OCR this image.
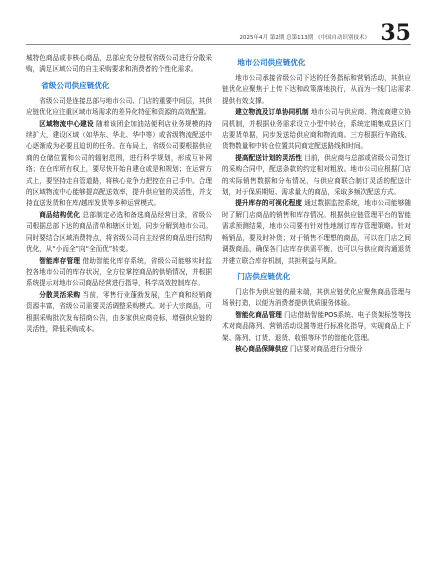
2025年4月 第2期 总第113期 《中国自动识别技术》 35

城特色商品或非核心商品，总部应充分授权省级公司进行分散采购，满足区域公司的自主采购要求和消费者的个性化需求。

省级公司供应链优化

省级公司是连接总部与地市公司、门店的重要中间层，其供应链优化应注重区域市场需求的差异化特征和资源的高效配置。

区域物流中心建设 随着该团企加油站便利店业务规模的持续扩大，建设区域（如华东、华北、华中等）或省级物流配送中心逐渐成为必要且迫切的任务。在布局上，省级公司要根据供应商的仓储位置和公司的辐射范围，进行科学规划，形成互补网络；在仓库所有权上，要尽快开始自建仓或是和规划；在运营方式上，要坚持走自管道路，将核心竞争力把控在自己手中。合理的区域物流中心能够提高配送效率，提升供应链的灵活性，并支持直送发货和在库/越库发货等多种运营模式。

商品结构优化 总部制定必选和备选商品经营目录，省级公司根据总部下达的商品清单和辖区计划，同步分解到地市公司。同时要结合区域消费特点，将省级公司自主经营的商品进行结构优化，从“小而全”向“全而优”转变。

智能库存管理 借助智能化库存系统，省级公司能够实时监控各地市公司的库存状况，全方位掌控商品的供销情况，并根据系统提示对地市公司商品经营进行指导，科学高效控制库存。

分散灵活采购 当前，零售行业蓬勃发展，生产商和经销商资源丰富，省级公司需要灵活调整采购模式。对于大宗商品，可根据采购批次发布招商公告，由多家供应商竞标，增强供应链的灵活性，降低采购成本。

地市公司供应链优化

地市公司承接省级公司下达的任务指标和营销活动，其供应链优化应聚焦于上传下达和政策落地执行，从而为一线门店需求提供有效支撑。

建立物流及订单协同机制 地市公司与供应商、物流商建立协同机制，并根据业务需求设立小型中转仓，系统定期集成县区门店要货单据，同步发送给供应商和物流商。三方根据行车路线、货物数量和中转仓位置共同商定配送路线和时间。

提高配送计划的灵活性 目前，供应商与总部或省级公司签订的采购合同中，配送条款的约定相对粗放。地市公司应根据门店的实际销售数据和分布情况，与供应商联合制订灵活的配送计划，对于保质期短、需求量大的商品，采取多频次配送方式。

提升库存的可视化程度 通过数据监控系统，地市公司能够随时了解门店商品的销售和库存情况。根据供应链管理平台的智能需求预测结果，地市公司要有针对性地制订库存管理策略。针对畅销品，要及时补货；对于销售不理想的商品，可以在门店之间调拨商品，确保各门店库存供需平衡，也可以与供应商沟通退货并建立联合库存机制，共担利益与风险。

门店供应链优化

门店作为供应链的最末端，其供应链优化应聚焦商品管理与场景打造，以便为消费者提供优质服务体验。

智能化商品管理 门店借助智能POS系统、电子货架标签等技术对商品陈列、营销活动设置等进行标准化指导，实现商品上下架、陈列、订货、退货、收银等环节的智能化管理。

核心商品保障供应 门店要对商品进行分级分
